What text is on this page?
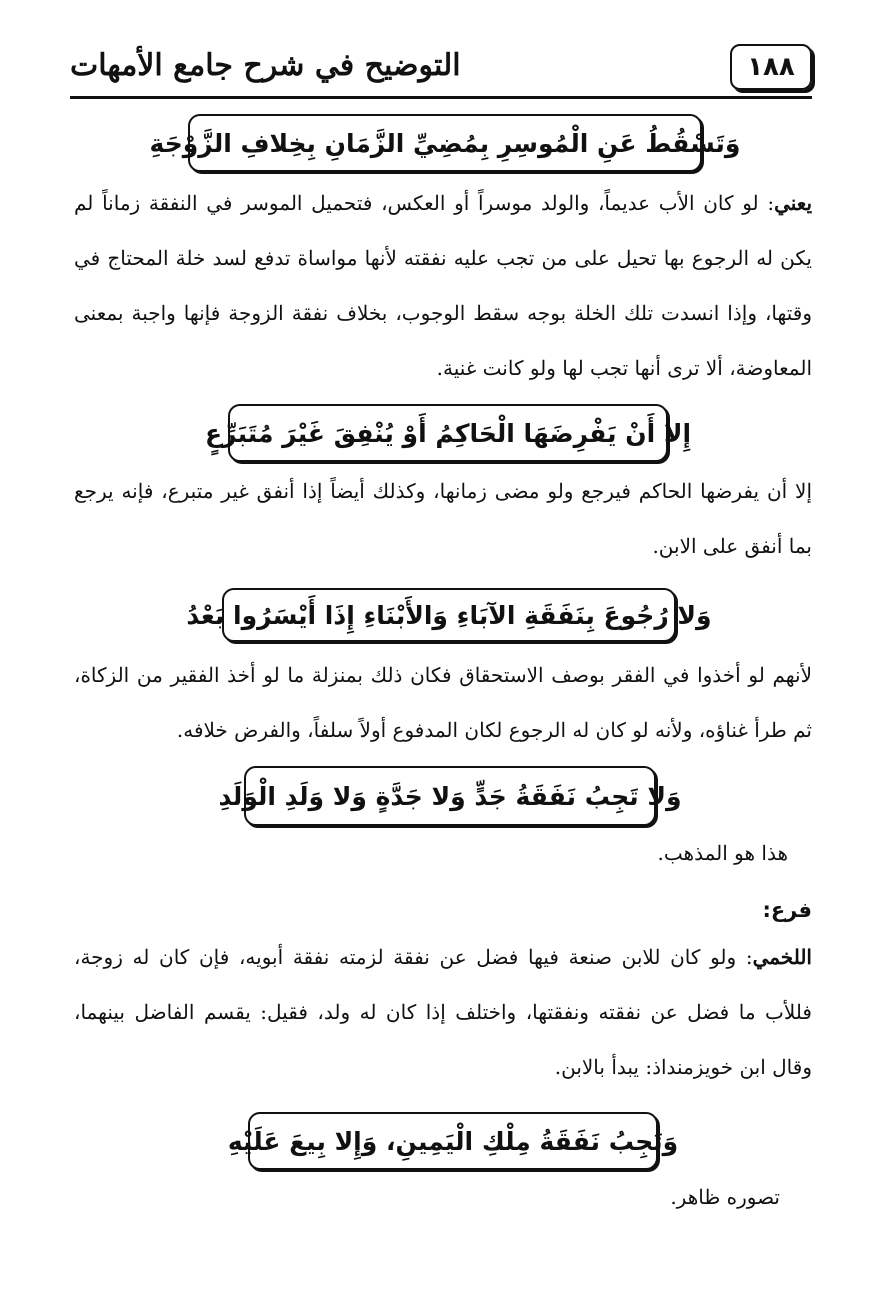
التوضيح في شرح جامع الأمهات	١٨٨
وَتَسْقُطُ عَنِ الْمُوسِرِ بِمُضِيِّ الزَّمَانِ بِخِلافِ الزَّوْجَةِ
يعني: لو كان الأب عديماً، والولد موسراً أو العكس، فتحميل الموسر في النفقة زماناً لم يكن له الرجوع بها تحيل على من تجب عليه نفقته لأنها مواساة تدفع لسد خلة المحتاج في وقتها، وإذا انسدت تلك الخلة بوجه سقط الوجوب، بخلاف نفقة الزوجة فإنها واجبة بمعنى المعاوضة، ألا ترى أنها تجب لها ولو كانت غنية.
إِلا أَنْ يَفْرِضَهَا الْحَاكِمُ أَوْ يُنْفِقَ غَيْرَ مُتَبَرِّعٍ
إلا أن يفرضها الحاكم فيرجع ولو مضى زمانها، وكذلك أيضاً إذا أنفق غير متبرع، فإنه يرجع بما أنفق على الابن.
وَلا رُجُوعَ بِنَفَقَةِ الآبَاءِ وَالأَبْنَاءِ إِذَا أَيْسَرُوا بَعْدُ
لأنهم لو أخذوا في الفقر بوصف الاستحقاق فكان ذلك بمنزلة ما لو أخذ الفقير من الزكاة، ثم طرأ غناؤه، ولأنه لو كان له الرجوع لكان المدفوع أولاً سلفاً، والفرض خلافه.
وَلا تَجِبُ نَفَقَةُ جَدٍّ وَلا جَدَّةٍ وَلا وَلَدِ الْوَلَدِ
هذا هو المذهب.
فرع:
اللخمي: ولو كان للابن صنعة فيها فضل عن نفقة لزمته نفقة أبويه، فإن كان له زوجة، فللأب ما فضل عن نفقته ونفقتها، واختلف إذا كان له ولد، فقيل: يقسم الفاضل بينهما، وقال ابن خويزمنداذ: يبدأ بالابن.
وَتَجِبُ نَفَقَةُ مِلْكِ الْيَمِينِ، وَإِلا بِيعَ عَلَيْهِ
تصوره ظاهر.
